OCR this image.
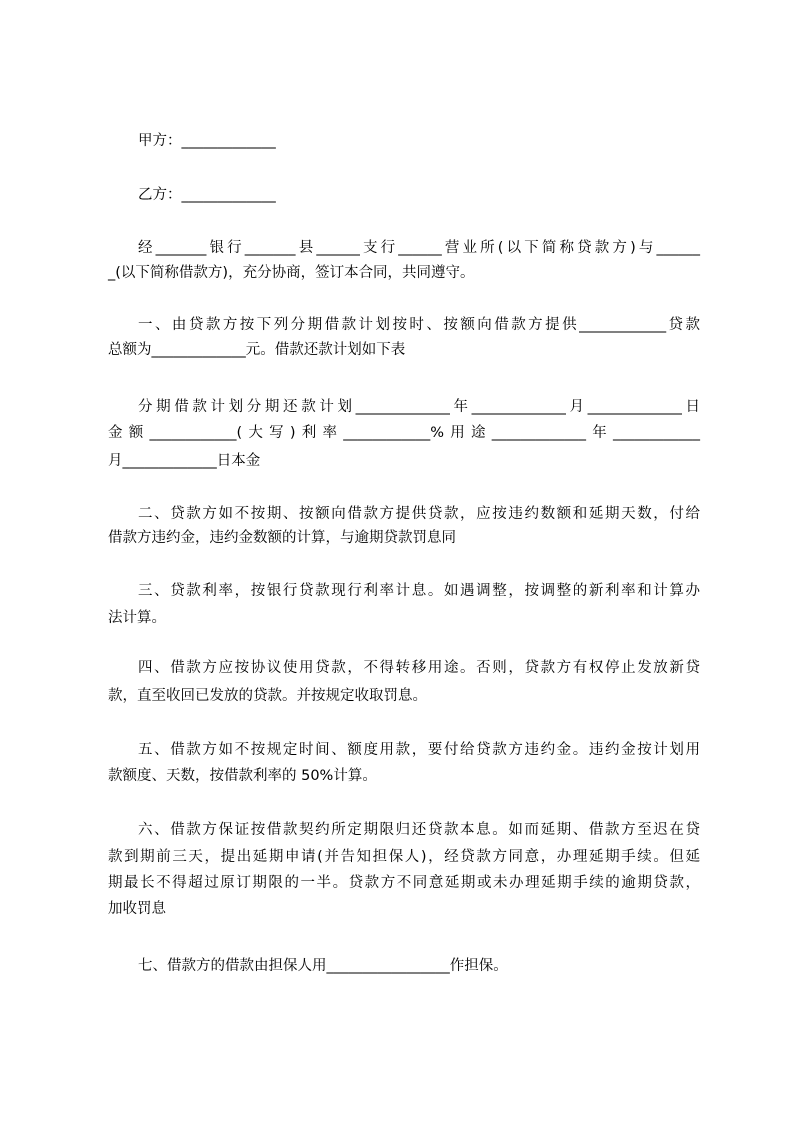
甲方：_____________
乙方：_____________
经_______银行_______县______支行______营业所(以下简称贷款方)与______
_(以下简称借款方)，充分协商，签订本合同，共同遵守。
一、由贷款方按下列分期借款计划按时、按额向借款方提供____________贷款
总额为_____________元。借款还款计划如下表
分期借款计划分期还款计划_____________年_____________月_____________日
金额____________(大写)利率____________%用途_____________年____________
月_____________日本金
二、贷款方如不按期、按额向借款方提供贷款，应按违约数额和延期天数，付给
借款方违约金，违约金数额的计算，与逾期贷款罚息同
三、贷款利率，按银行贷款现行利率计息。如遇调整，按调整的新利率和计算办
法计算。
四、借款方应按协议使用贷款，不得转移用途。否则，贷款方有权停止发放新贷
款，直至收回已发放的贷款。并按规定收取罚息。
五、借款方如不按规定时间、额度用款，要付给贷款方违约金。违约金按计划用
款额度、天数，按借款利率的 50%计算。
六、借款方保证按借款契约所定期限归还贷款本息。如而延期、借款方至迟在贷
款到期前三天，提出延期申请(并告知担保人)，经贷款方同意，办理延期手续。但延
期最长不得超过原订期限的一半。贷款方不同意延期或未办理延期手续的逾期贷款，
加收罚息
七、借款方的借款由担保人用_________________作担保。
